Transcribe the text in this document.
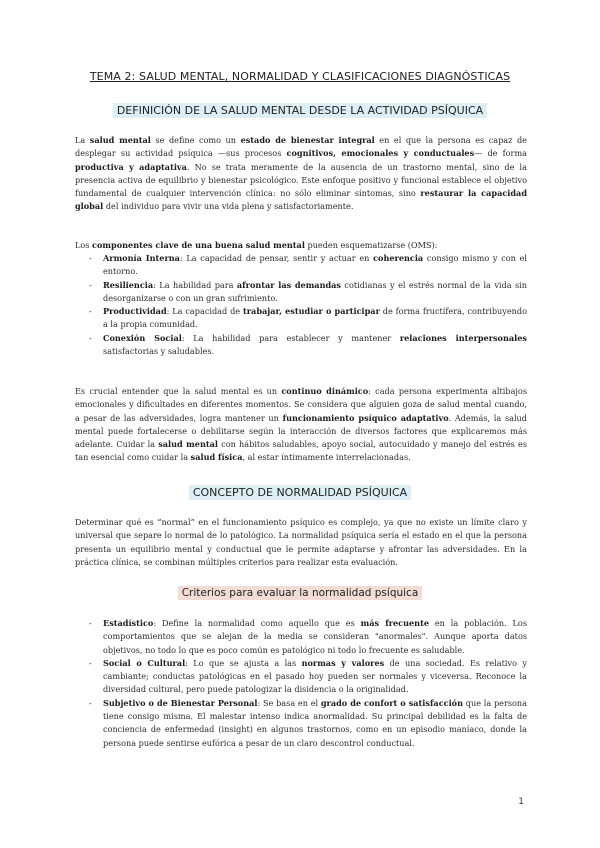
TEMA 2: SALUD MENTAL, NORMALIDAD Y CLASIFICACIONES DIAGNÓSTICAS
DEFINICIÓN DE LA SALUD MENTAL DESDE LA ACTIVIDAD PSÍQUICA

La salud mental se define como un estado de bienestar integral en el que la persona es capaz de desplegar su actividad psíquica —sus procesos cognitivos, emocionales y conductuales— de forma productiva y adaptativa. No se trata meramente de la ausencia de un trastorno mental, sino de la presencia activa de equilibrio y bienestar psicológico. Este enfoque positivo y funcional establece el objetivo fundamental de cualquier intervención clínica: no sólo eliminar síntomas, sino restaurar la capacidad global del individuo para vivir una vida plena y satisfactoriamente.

Los componentes clave de una buena salud mental pueden esquematizarse (OMS):

- Armonía Interna: La capacidad de pensar, sentir y actuar en coherencia consigo mismo y con el entorno.
- Resiliencia: La habilidad para afrontar las demandas cotidianas y el estrés normal de la vida sin desorganizarse o con un gran sufrimiento.
- Productividad: La capacidad de trabajar, estudiar o participar de forma fructífera, contribuyendo a la propia comunidad.
- Conexión Social: La habilidad para establecer y mantener relaciones interpersonales satisfactorias y saludables.

Es crucial entender que la salud mental es un continuo dinámico: cada persona experimenta altibajos emocionales y dificultades en diferentes momentos. Se considera que alguien goza de salud mental cuando, a pesar de las adversidades, logra mantener un funcionamiento psíquico adaptativo. Además, la salud mental puede fortalecerse o debilitarse según la interacción de diversos factores que explicaremos más adelante. Cuidar la salud mental con hábitos saludables, apoyo social, autocuidado y manejo del estrés es tan esencial como cuidar la salud física, al estar íntimamente interrelacionadas.

CONCEPTO DE NORMALIDAD PSÍQUICA

Determinar qué es “normal” en el funcionamiento psíquico es complejo, ya que no existe un límite claro y universal que separe lo normal de lo patológico. La normalidad psíquica sería el estado en el que la persona presenta un equilibrio mental y conductual que le permite adaptarse y afrontar las adversidades. En la práctica clínica, se combinan múltiples criterios para realizar esta evaluación.

Criterios para evaluar la normalidad psíquica
- Estadístico: Define la normalidad como aquello que es más frecuente en la población. Los comportamientos que se alejan de la media se consideran "anormales". Aunque aporta datos objetivos, no todo lo que es poco común es patológico ni todo lo frecuente es saludable.
- Social o Cultural: Lo que se ajusta a las normas y valores de una sociedad. Es relativo y cambiante; conductas patológicas en el pasado hoy pueden ser normales y viceversa. Reconoce la diversidad cultural, pero puede patologizar la disidencia o la originalidad.
- Subjetivo o de Bienestar Personal: Se basa en el grado de confort o satisfacción que la persona tiene consigo misma. El malestar intenso indica anormalidad. Su principal debilidad es la falta de conciencia de enfermedad (insight) en algunos trastornos, como en un episodio maníaco, donde la persona puede sentirse eufórica a pesar de un claro descontrol conductual.
1
